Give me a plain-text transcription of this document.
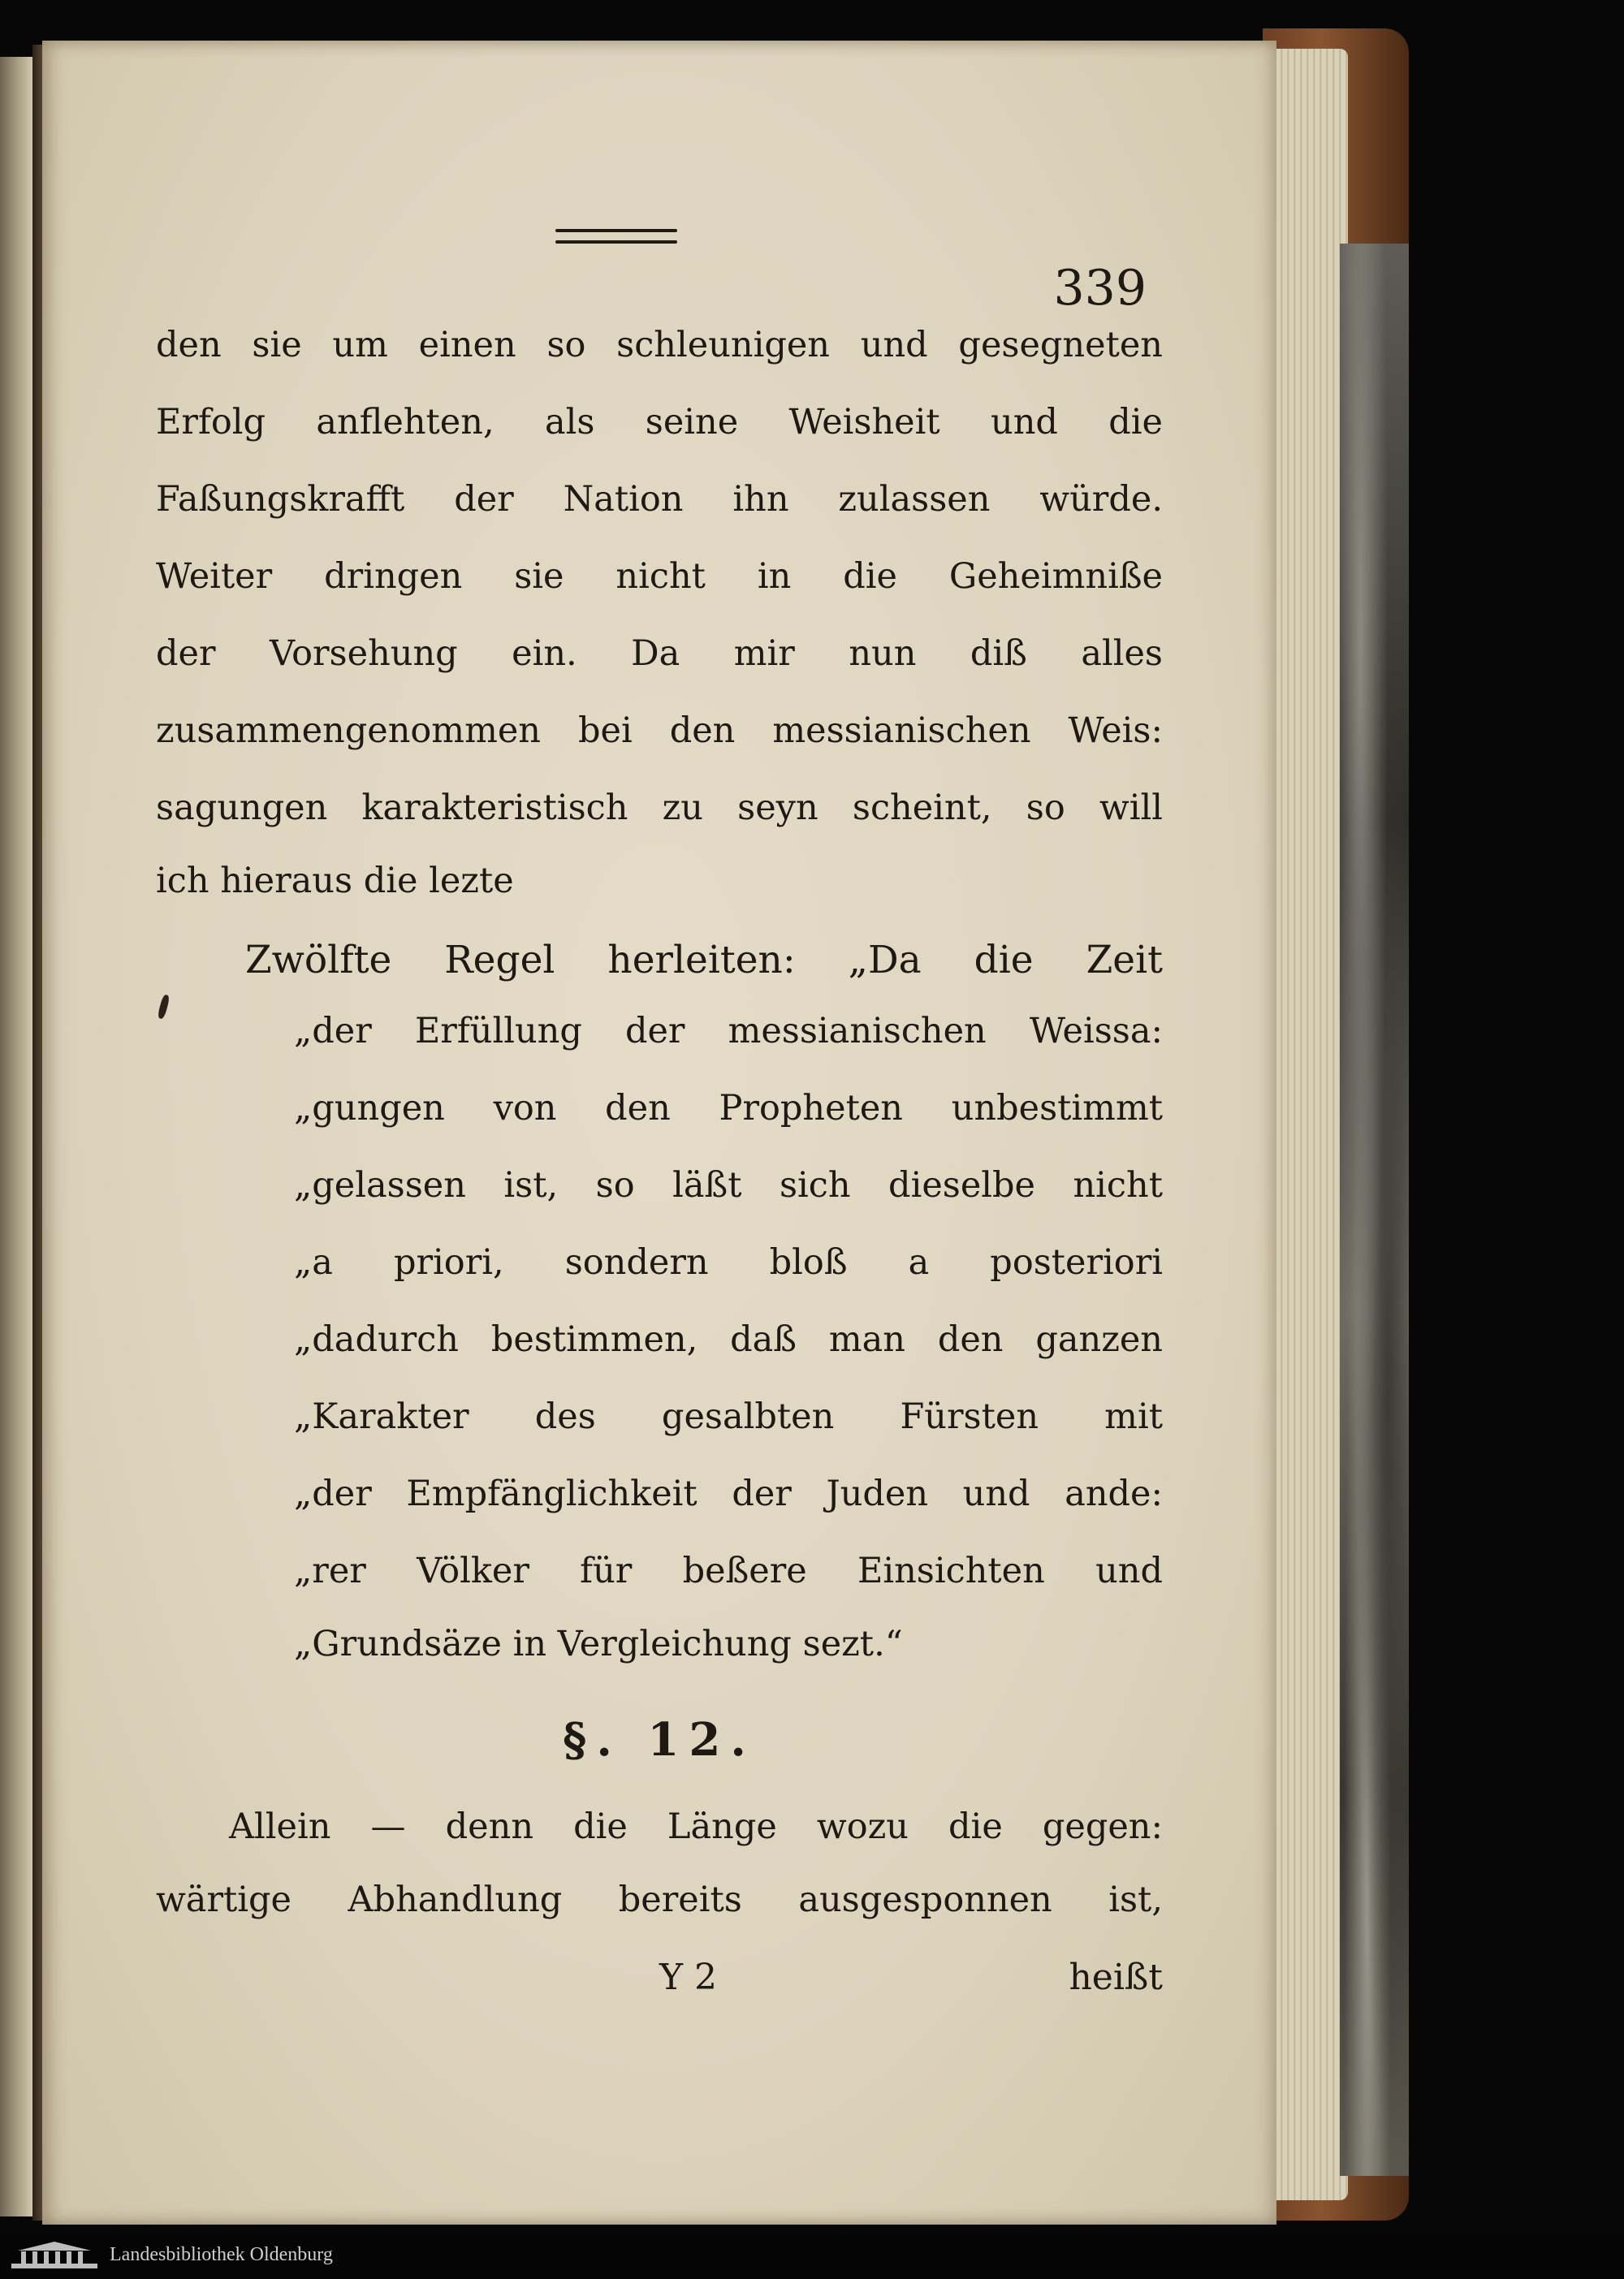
339
den sie um einen so schleunigen und gesegneten
Erfolg anflehten, als seine Weisheit und die
Faßungskrafft der Nation ihn zulassen würde.
Weiter dringen sie nicht in die Geheimniße
der Vorsehung ein. Da mir nun diß alles
zusammengenommen bei den messianischen Weis:
sagungen karakteristisch zu seyn scheint, so will
ich hieraus die lezte
Zwölfte Regel herleiten: „Da die Zeit
„der Erfüllung der messianischen Weissa:
„gungen von den Propheten unbestimmt
„gelassen ist, so läßt sich dieselbe nicht
„a priori, sondern bloß a posteriori
„dadurch bestimmen, daß man den ganzen
„Karakter des gesalbten Fürsten mit
„der Empfänglichkeit der Juden und ande:
„rer Völker für beßere Einsichten und
„Grundsäze in Vergleichung sezt.“
§. 12.
Allein — denn die Länge wozu die gegen:
wärtige Abhandlung bereits ausgesponnen ist,
Y 2	heißt
Landesbibliothek Oldenburg
